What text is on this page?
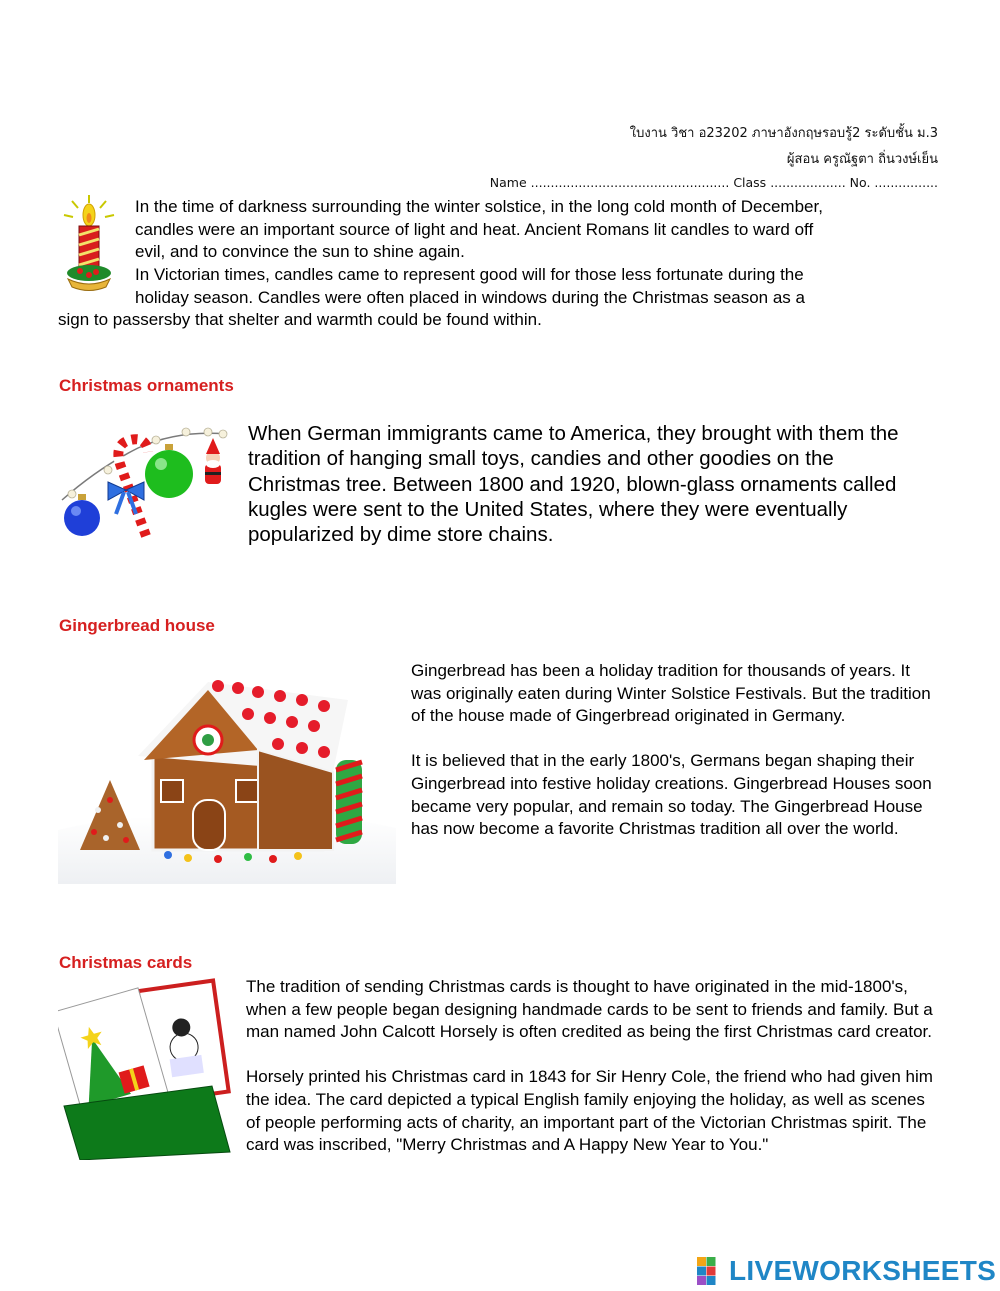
ใบงาน วิชา อ23202 ภาษาอังกฤษรอบรู้2 ระดับชั้น ม.3
ผู้สอน ครูณัฐตา ถิ่นวงษ์เย็น
Name .................................................. Class ................... No. ................

In the time of darkness surrounding the winter solstice, in the long cold month of December,

candles were an important source of light and heat. Ancient Romans lit candles to ward off

evil, and to convince the sun to shine again.

In Victorian times, candles came to represent good will for those less fortunate during the

holiday season. Candles were often placed in windows during the Christmas season as a

sign to passersby that shelter and warmth could be found within.

Christmas ornaments
When German immigrants came to America, they brought with them the tradition of hanging small toys, candies and other goodies on the Christmas tree. Between 1800 and 1920, blown-glass ornaments called kugles were sent to the United States, where they were eventually popularized by dime store chains.
Gingerbread house

Gingerbread has been a holiday tradition for thousands of years. It was originally eaten during Winter Solstice Festivals. But the tradition of the house made of Gingerbread originated in Germany.

It is believed that in the early 1800's, Germans began shaping their Gingerbread into festive holiday creations. Gingerbread Houses soon became very popular, and remain so today. The Gingerbread House has now become a favorite Christmas tradition all over the world.

Christmas cards

The tradition of sending Christmas cards is thought to have originated in the mid-1800's, when a few people began designing handmade cards to be sent to friends and family. But a man named John Calcott Horsely is often credited as being the first Christmas card creator.

Horsely printed his Christmas card in 1843 for Sir Henry Cole, the friend who had given him the idea. The card depicted a typical English family enjoying the holiday, as well as scenes of people performing acts of charity, an important part of the Victorian Christmas spirit. The card was inscribed, "Merry Christmas and A Happy New Year to You."

LIVEWORKSHEETS
